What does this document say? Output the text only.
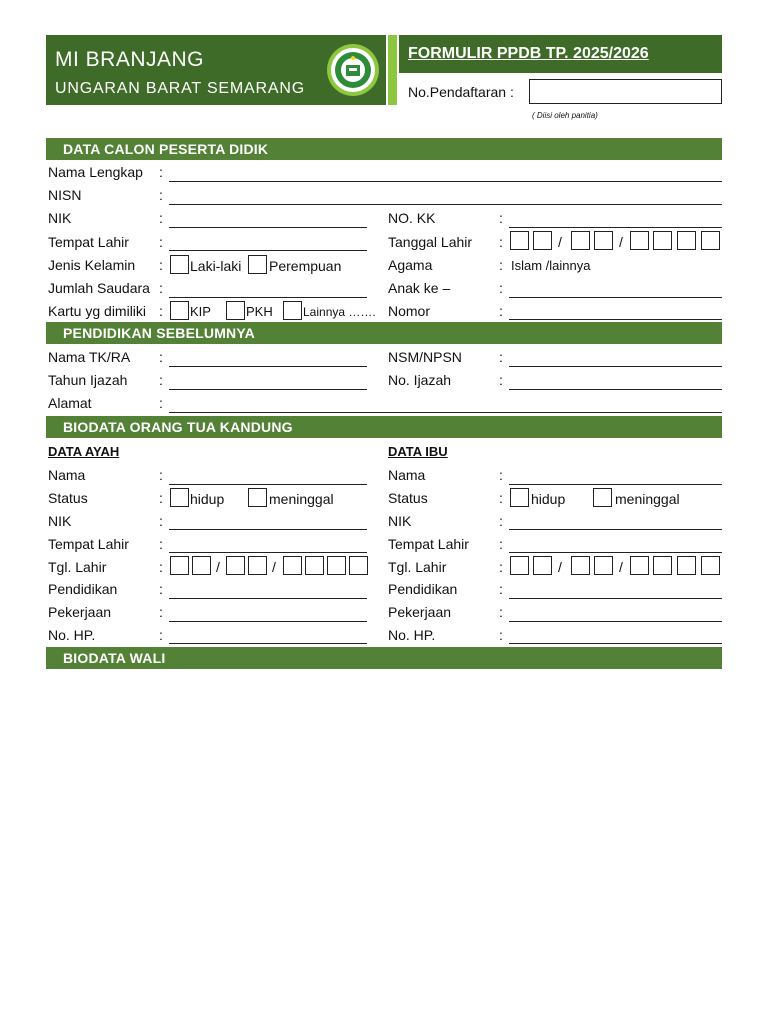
MI BRANJANG
UNGARAN BARAT SEMARANG
FORMULIR PPDB TP. 2025/2026
No.Pendaftaran :
( Diisi oleh panitia)
DATA CALON PESERTA DIDIK
Nama Lengkap :
NISN	:
NIK	:	NO. KK	:
Tempat Lahir :	Tanggal Lahir :	/	/
Jenis Kelamin : Laki-laki Perempuan	Agama	: Islam /lainnya
Jumlah Saudara :	Anak ke –	:
Kartu yg dimiliki : KIP	PKH	Lainnya ……. Nomor	:
PENDIDIKAN SEBELUMNYA
Nama TK/RA :	NSM/NPSN	:
Tahun Ijazah :	No. Ijazah	:
Alamat	:
BIODATA ORANG TUA KANDUNG
DATA AYAH	DATA IBU
Nama	:	Nama	:
Status	: hidup	meninggal	Status	: hidup	meninggal
NIK	:	NIK	:
Tempat Lahir :	Tempat Lahir :
Tgl. Lahir	:	/	/	Tgl. Lahir	:	/	/
Pendidikan	:	Pendidikan	:
Pekerjaan	:	Pekerjaan	:
No. HP.	:	No. HP.	:
BIODATA WALI
